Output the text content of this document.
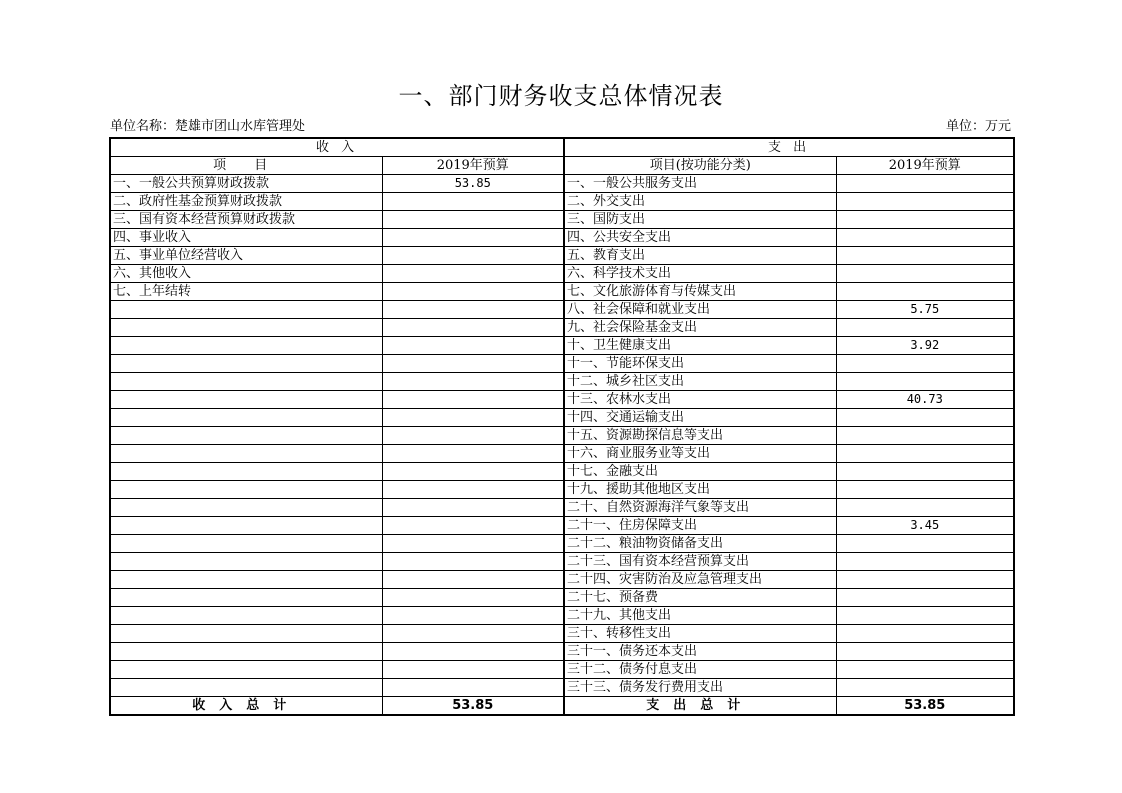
一、部门财务收支总体情况表
单位名称：楚雄市团山水库管理处	单位：万元
收 入		支 出	
项 目	2019年预算	项目(按功能分类)	2019年预算
一、一般公共预算财政拨款	53.85	一、一般公共服务支出	
二、政府性基金预算财政拨款		二、外交支出	
三、国有资本经营预算财政拨款		三、国防支出	
四、事业收入		四、公共安全支出	
五、事业单位经营收入		五、教育支出	
六、其他收入		六、科学技术支出	
七、上年结转		七、文化旅游体育与传媒支出	
		八、社会保障和就业支出	5.75
		九、社会保险基金支出	
		十、卫生健康支出	3.92
		十一、节能环保支出	
		十二、城乡社区支出	
		十三、农林水支出	40.73
		十四、交通运输支出	
		十五、资源勘探信息等支出	
		十六、商业服务业等支出	
		十七、金融支出	
		十九、援助其他地区支出	
		二十、自然资源海洋气象等支出	
		二十一、住房保障支出	3.45
		二十二、粮油物资储备支出	
		二十三、国有资本经营预算支出	
		二十四、灾害防治及应急管理支出	
		二十七、预备费	
		二十九、其他支出	
		三十、转移性支出	
		三十一、债务还本支出	
		三十二、债务付息支出	
		三十三、债务发行费用支出	
收入总计	53.85	支出总计	53.85
